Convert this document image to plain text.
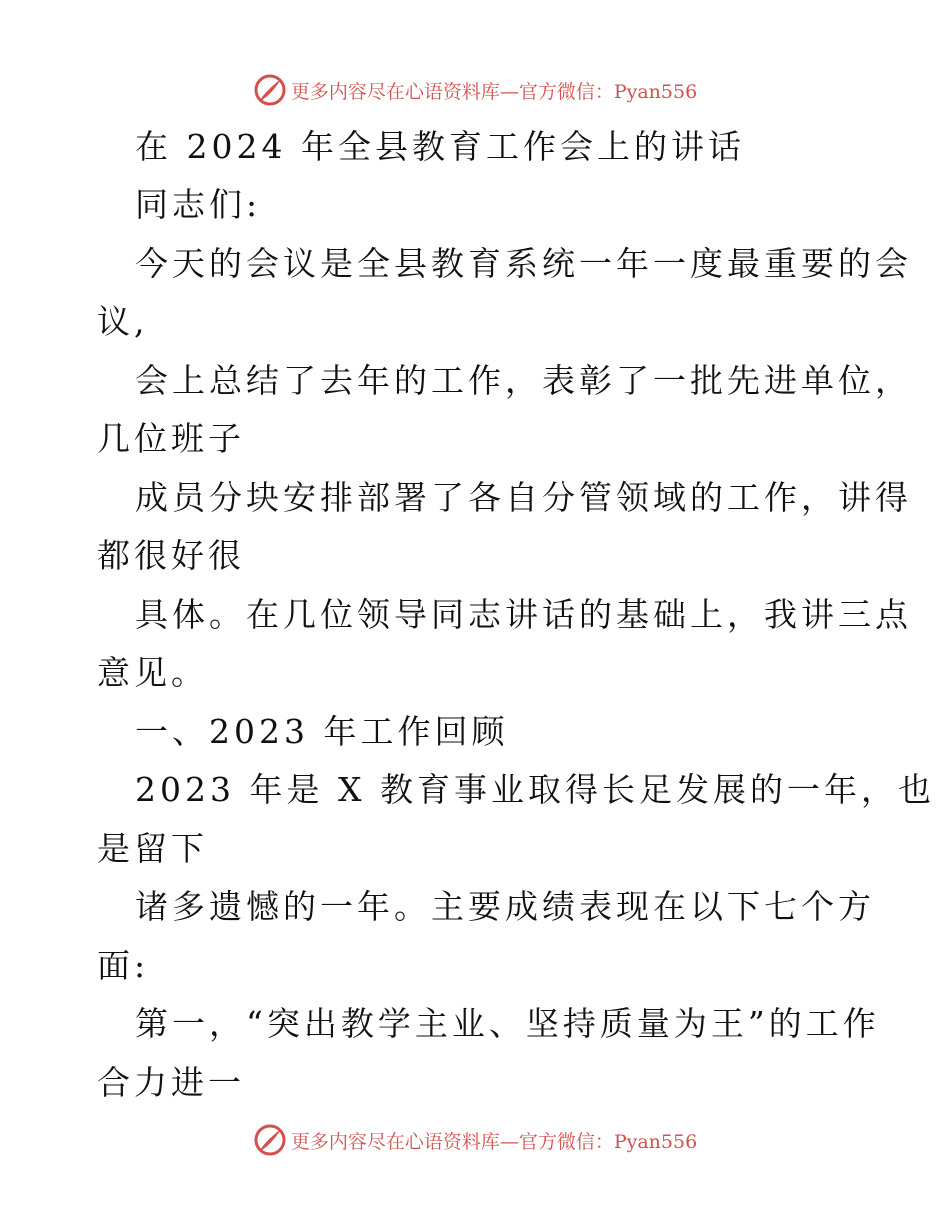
更多内容尽在心语资料库—官方微信：Pyan556
在 2024 年全县教育工作会上的讲话
同志们:
今天的会议是全县教育系统一年一度最重要的会
议,
会上总结了去年的工作，表彰了一批先进单位，
几位班子
成员分块安排部署了各自分管领域的工作，讲得
都很好很
具体。在几位领导同志讲话的基础上，我讲三点
意见。
一、2023 年工作回顾
2023 年是 X 教育事业取得长足发展的一年，也
是留下
诸多遗憾的一年。主要成绩表现在以下七个方
面:
第一，“突出教学主业、坚持质量为王”的工作
合力进一
更多内容尽在心语资料库—官方微信：Pyan556
